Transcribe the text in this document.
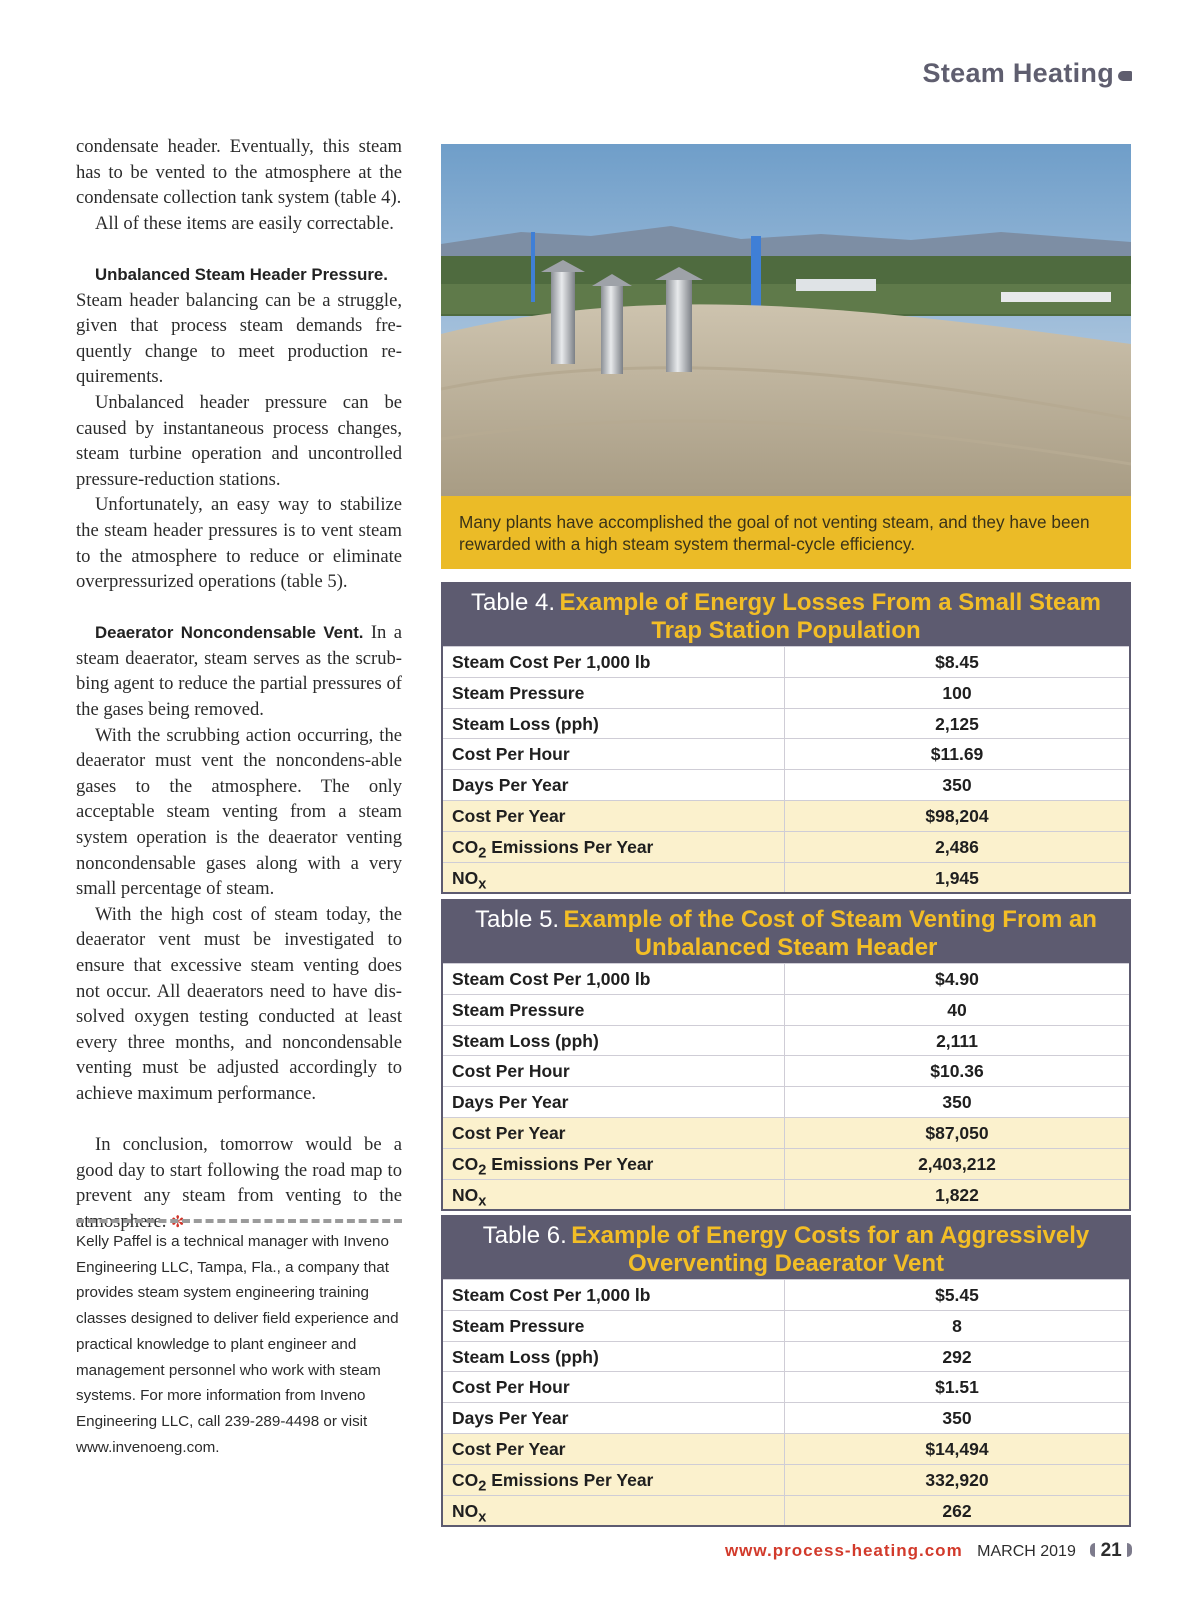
Steam Heating

condensate header. Eventually, this steam has to be vented to the atmosphere at the condensate collection tank system (table 4).

All of these items are easily correctable.

Unbalanced Steam Header Pressure.

Steam header balancing can be a struggle, given that process steam demands fre-quently change to meet production re-quirements.

Unbalanced header pressure can be caused by instantaneous process changes, steam turbine operation and uncontrolled pressure-reduction stations.

Unfortunately, an easy way to stabilize the steam header pressures is to vent steam to the atmosphere to reduce or eliminate overpressurized operations (table 5).

Deaerator Noncondensable Vent. In a steam deaerator, steam serves as the scrub-bing agent to reduce the partial pressures of the gases being removed.

With the scrubbing action occurring, the deaerator must vent the noncondens-able gases to the atmosphere. The only acceptable steam venting from a steam system operation is the deaerator venting noncondensable gases along with a very small percentage of steam.

With the high cost of steam today, the deaerator vent must be investigated to ensure that excessive steam venting does not occur. All deaerators need to have dis-solved oxygen testing conducted at least every three months, and noncondensable venting must be adjusted accordingly to achieve maximum performance.

In conclusion, tomorrow would be a good day to start following the road map to prevent any steam from venting to the atmosphere. ✼

Kelly Paffel is a technical manager with Inveno Engineering LLC, Tampa, Fla., a company that provides steam system engineering training classes designed to deliver field experience and practical knowledge to plant engineer and management personnel who work with steam systems. For more information from Inveno Engineering LLC, call 239-289-4498 or visit www.invenoeng.com.

Many plants have accomplished the goal of not venting steam, and they have been rewarded with a high steam system thermal-cycle efficiency.

Table 4. Example of Energy Losses From a Small Steam Trap Station Population
Steam Cost Per 1,000 lb	$8.45
Steam Pressure	100
Steam Loss (pph)	2,125
Cost Per Hour	$11.69
Days Per Year	350
Cost Per Year	$98,204
$CO_2$ Emissions Per Year	2,486
$NO_x$	1,945
Table 5. Example of the Cost of Steam Venting From an Unbalanced Steam Header
Steam Cost Per 1,000 lb	$4.90
Steam Pressure	40
Steam Loss (pph)	2,111
Cost Per Hour	$10.36
Days Per Year	350
Cost Per Year	$87,050
$CO_2$ Emissions Per Year	2,403,212
$NO_x$	1,822
Table 6. Example of Energy Costs for an Aggressively Overventing Deaerator Vent
Steam Cost Per 1,000 lb	$5.45
Steam Pressure	8
Steam Loss (pph)	292
Cost Per Hour	$1.51
Days Per Year	350
Cost Per Year	$14,494
$CO_2$ Emissions Per Year	332,920
$NO_x$	262
www.process-heating.com MARCH 2019 21
